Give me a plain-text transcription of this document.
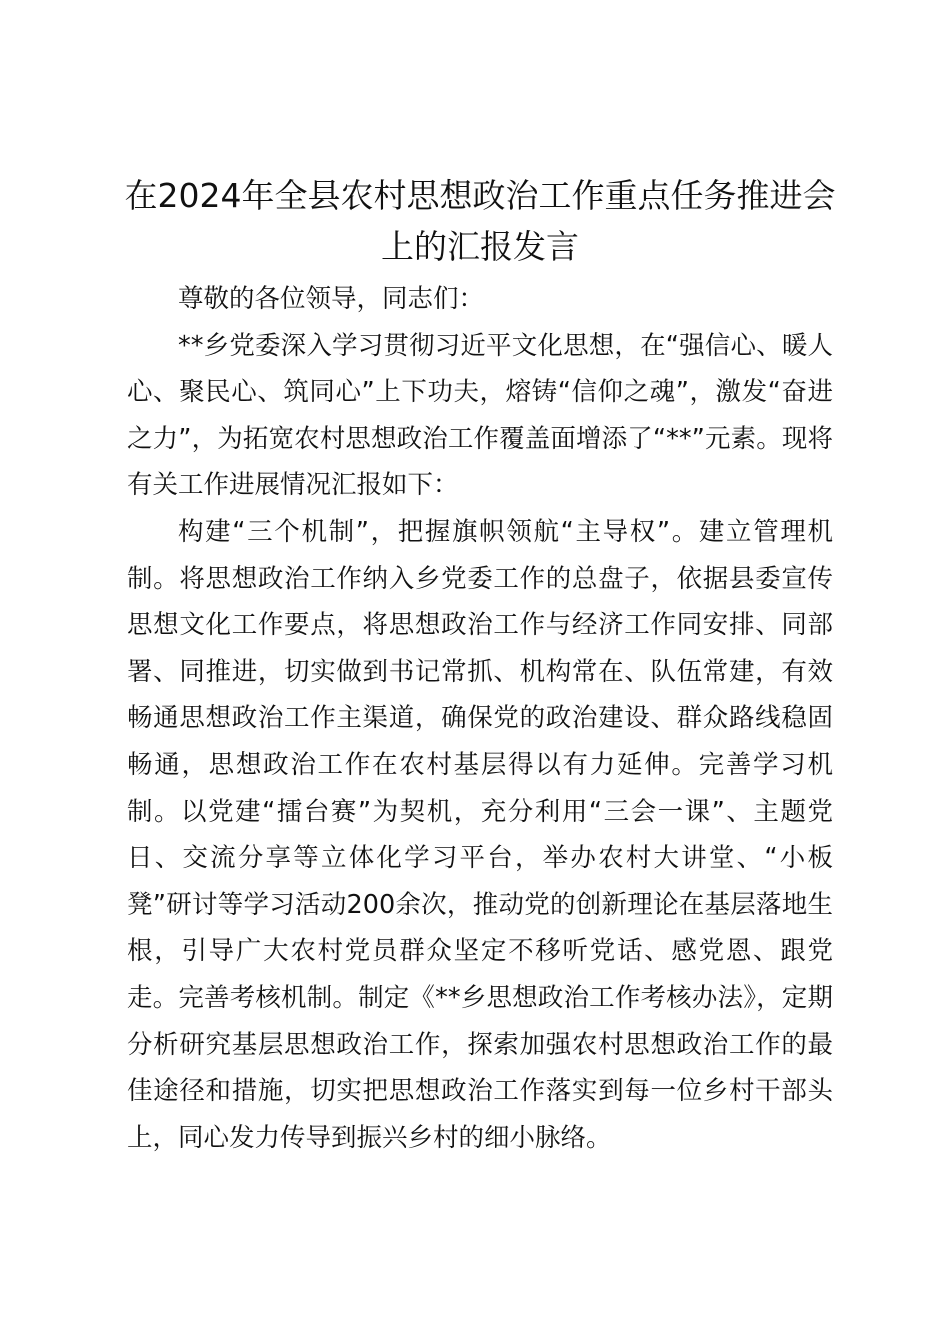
在2024年全县农村思想政治工作重点任务推进会上的汇报发言

尊敬的各位领导，同志们：

**乡党委深入学习贯彻习近平文化思想，在“强信心、暖人心、聚民心、筑同心”上下功夫，熔铸“信仰之魂”，激发“奋进之力”，为拓宽农村思想政治工作覆盖面增添了“**”元素。现将有关工作进展情况汇报如下：

构建“三个机制”，把握旗帜领航“主导权”。建立管理机制。将思想政治工作纳入乡党委工作的总盘子，依据县委宣传思想文化工作要点，将思想政治工作与经济工作同安排、同部署、同推进，切实做到书记常抓、机构常在、队伍常建，有效畅通思想政治工作主渠道，确保党的政治建设、群众路线稳固畅通，思想政治工作在农村基层得以有力延伸。完善学习机制。以党建“擂台赛”为契机，充分利用“三会一课”、主题党日、交流分享等立体化学习平台，举办农村大讲堂、“小板凳”研讨等学习活动200余次，推动党的创新理论在基层落地生根，引导广大农村党员群众坚定不移听党话、感党恩、跟党走。完善考核机制。制定《**乡思想政治工作考核办法》，定期分析研究基层思想政治工作，探索加强农村思想政治工作的最佳途径和措施，切实把思想政治工作落实到每一位乡村干部头上，同心发力传导到振兴乡村的细小脉络。
